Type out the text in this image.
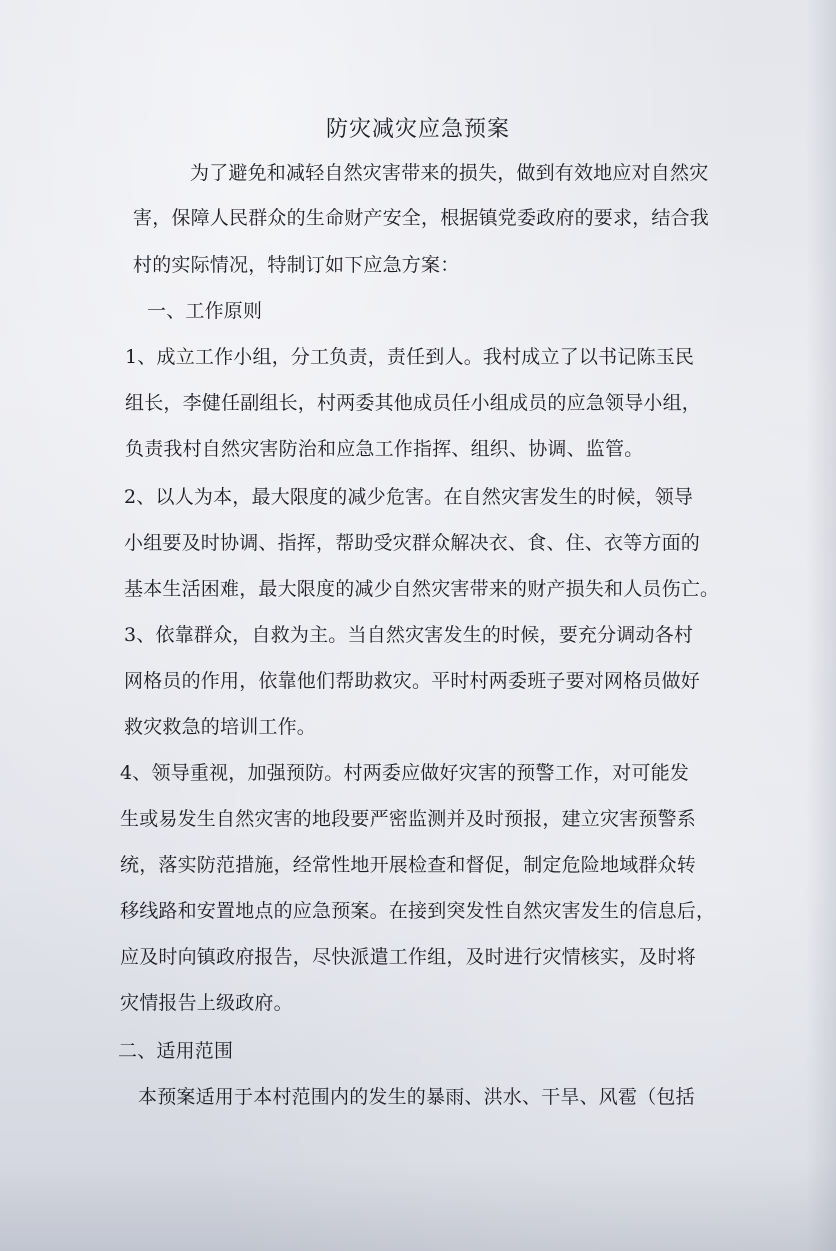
防灾减灾应急预案
为了避免和减轻自然灾害带来的损失，做到有效地应对自然灾
害，保障人民群众的生命财产安全，根据镇党委政府的要求，结合我
村的实际情况，特制订如下应急方案：
一、工作原则
1、成立工作小组，分工负责，责任到人。我村成立了以书记陈玉民
组长，李健任副组长，村两委其他成员任小组成员的应急领导小组，
负责我村自然灾害防治和应急工作指挥、组织、协调、监管。
2、以人为本，最大限度的减少危害。在自然灾害发生的时候，领导
小组要及时协调、指挥，帮助受灾群众解决衣、食、住、衣等方面的
基本生活困难，最大限度的减少自然灾害带来的财产损失和人员伤亡。
3、依靠群众，自救为主。当自然灾害发生的时候，要充分调动各村
网格员的作用，依靠他们帮助救灾。平时村两委班子要对网格员做好
救灾救急的培训工作。
4、领导重视，加强预防。村两委应做好灾害的预警工作，对可能发
生或易发生自然灾害的地段要严密监测并及时预报，建立灾害预警系
统，落实防范措施，经常性地开展检查和督促，制定危险地域群众转
移线路和安置地点的应急预案。在接到突发性自然灾害发生的信息后，
应及时向镇政府报告，尽快派遣工作组，及时进行灾情核实，及时将
灾情报告上级政府。
二、适用范围
本预案适用于本村范围内的发生的暴雨、洪水、干旱、风雹（包括
